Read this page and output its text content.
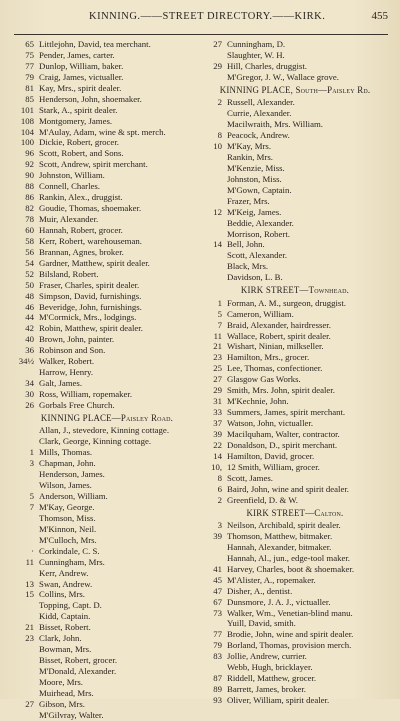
KINNING.——STREET DIRECTORY.——KIRK.	455
65 Littlejohn, David, tea merchant.
75 Pender, James, carter.
77 Dunlop, William, baker.
79 Craig, James, victualler.
81 Kay, Mrs., spirit dealer.
85 Henderson, John, shoemaker.
101 Stark, A., spirit dealer.
108 Montgomery, James.
104 M'Aulay, Adam, wine & spt. merch.
100 Dickie, Robert, grocer.
96 Scott, Robert, and Sons.
92 Scott, Andrew, spirit merchant.
90 Johnston, William.
88 Connell, Charles.
86 Rankin, Alex., druggist.
82 Goudie, Thomas, shoemaker.
78 Muir, Alexander.
60 Hannah, Robert, grocer.
58 Kerr, Robert, warehouseman.
56 Brannan, Agnes, broker.
54 Gardner, Matthew, spirit dealer.
52 Bilsland, Robert.
50 Fraser, Charles, spirit dealer.
48 Simpson, David, furnishings.
46 Beveridge, John, furnishings.
44 M'Cormick, Mrs., lodgings.
42 Robin, Matthew, spirit dealer.
40 Brown, John, painter.
36 Robinson and Son.
34½ Walker, Robert.
Harrow, Henry.
34 Galt, James.
30 Ross, William, ropemaker.
26 Gorbals Free Church.
KINNING PLACE—Paisley Road.
Allan, J., stevedore, Kinning cottage.
Clark, George, Kinning cottage.
1 Mills, Thomas.
3 Chapman, John.
Henderson, James.
Wilson, James.
5 Anderson, William.
7 M'Kay, George.
Thomson, Miss.
M'Kinnon, Neil.
M'Culloch, Mrs.
· Corkindale, C. S.
11 Cunningham, Mrs.
Kerr, Andrew.
13 Swan, Andrew.
15 Collins, Mrs.
Topping, Capt. D.
Kidd, Captain.
21 Bisset, Robert.
23 Clark, John.
Bowman, Mrs.
Bisset, Robert, grocer.
M'Donald, Alexander.
Moore, Mrs.
Muirhead, Mrs.
27 Gibson, Mrs.
M'Gilvray, Walter.
27 Cunningham, D.
Slaughter, W. H.
29 Hill, Charles, druggist.
M'Gregor, J. W., Wallace grove.
KINNING PLACE, South—Paisley Rd.
2 Russell, Alexander.
Currie, Alexander.
Macilwraith, Mrs. William.
8 Peacock, Andrew.
10 M'Kay, Mrs.
Rankin, Mrs.
M'Kenzie, Miss.
Johnston, Miss.
M'Gown, Captain.
Frazer, Mrs.
12 M'Keig, James.
Beddie, Alexander.
Morrison, Robert.
14 Bell, John.
Scott, Alexander.
Black, Mrs.
Davidson, L. B.
KIRK STREET—Townhead.
1 Forman, A. M., surgeon, druggist.
5 Cameron, William.
7 Braid, Alexander, hairdresser.
11 Wallace, Robert, spirit dealer.
21 Wishart, Ninian, milkseller.
23 Hamilton, Mrs., grocer.
25 Lee, Thomas, confectioner.
27 Glasgow Gas Works.
29 Smith, Mrs. John, spirit dealer.
31 M'Kechnie, John.
33 Summers, James, spirit merchant.
37 Watson, John, victualler.
39 Macilquham, Walter, contractor.
22 Donaldson, D., spirit merchant.
14 Hamilton, David, grocer.
10, 12 Smith, William, grocer.
8 Scott, James.
6 Baird, John, wine and spirit dealer.
2 Greenfield, D. & W.
KIRK STREET—Calton.
3 Neilson, Archibald, spirit dealer.
39 Thomson, Matthew, bitmaker.
Hannah, Alexander, bitmaker.
Hannah, Al., jun., edge-tool maker.
41 Harvey, Charles, boot & shoemaker.
45 M'Alister, A., ropemaker.
47 Disher, A., dentist.
67 Dunsmore, J. A. J., victualler.
73 Walker, Wm., Venetian-blind manu.
Yuill, David, smith.
77 Brodie, John, wine and spirit dealer.
79 Borland, Thomas, provision merch.
83 Jollie, Andrew, currier.
Webb, Hugh, bricklayer.
87 Riddell, Matthew, grocer.
89 Barrett, James, broker.
93 Oliver, William, spirit dealer.
